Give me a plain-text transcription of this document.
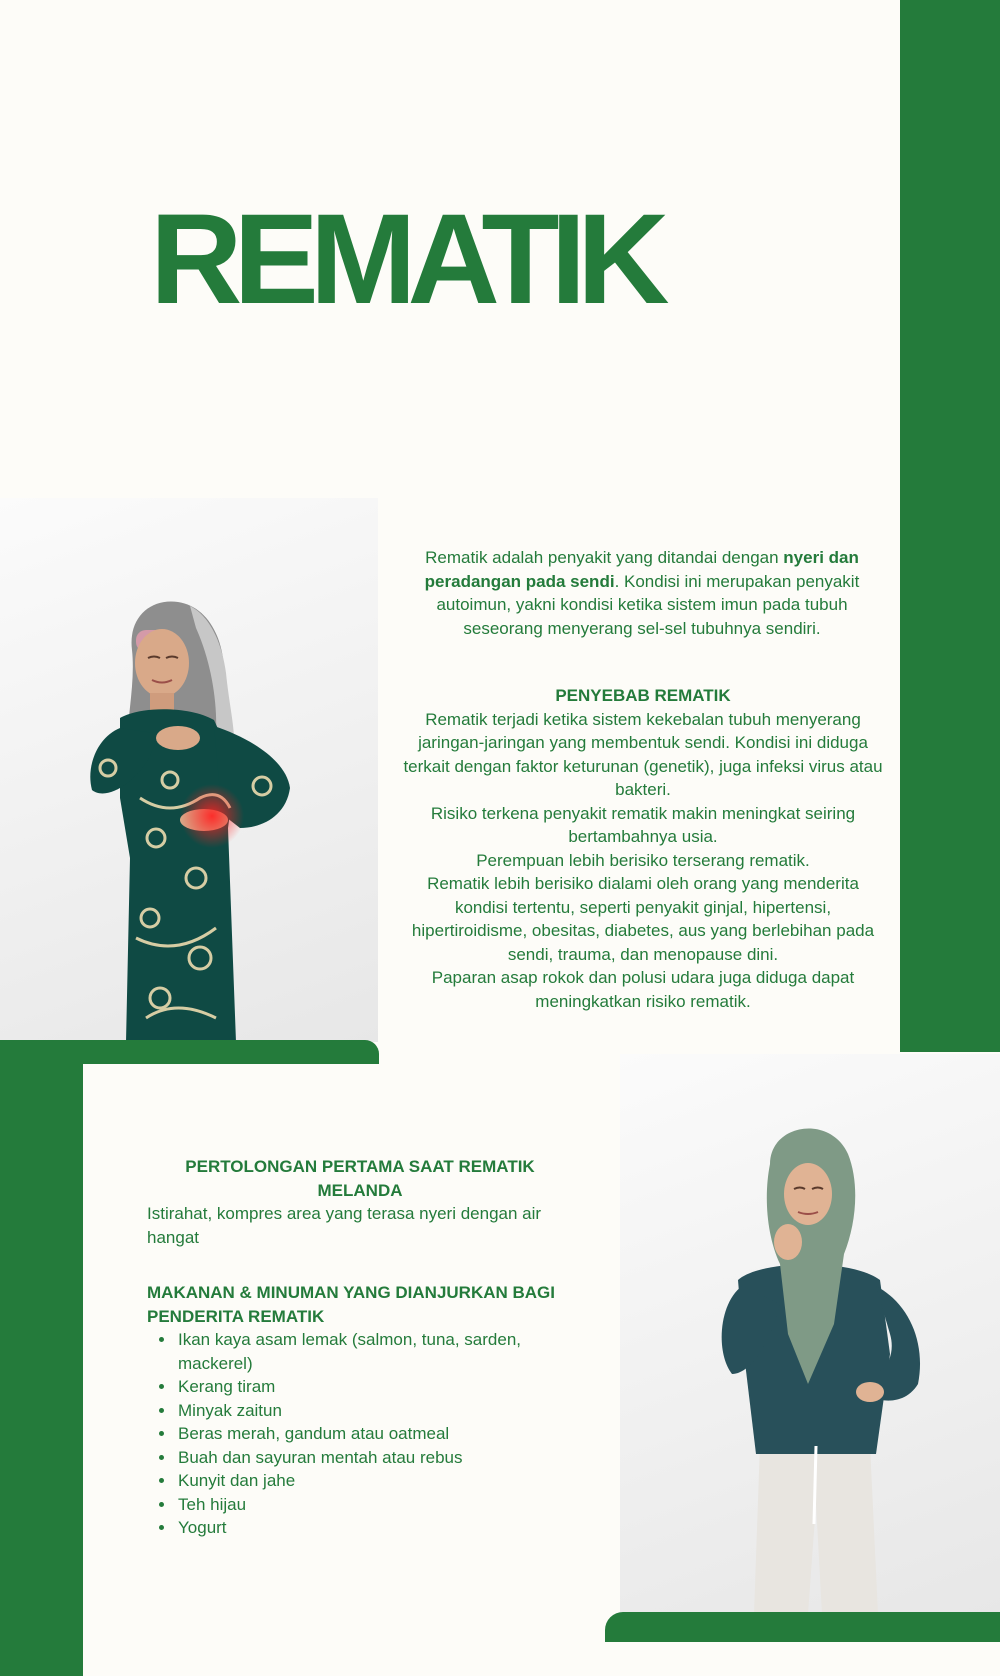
REMATIK

Rematik adalah penyakit yang ditandai dengan nyeri dan peradangan pada sendi. Kondisi ini merupakan penyakit autoimun, yakni kondisi ketika sistem imun pada tubuh seseorang menyerang sel-sel tubuhnya sendiri.

PENYEBAB REMATIK

Rematik terjadi ketika sistem kekebalan tubuh menyerang jaringan-jaringan yang membentuk sendi. Kondisi ini diduga terkait dengan faktor keturunan (genetik), juga infeksi virus atau bakteri.

Risiko terkena penyakit rematik makin meningkat seiring bertambahnya usia.

Perempuan lebih berisiko terserang rematik.

Rematik lebih berisiko dialami oleh orang yang menderita kondisi tertentu, seperti penyakit ginjal, hipertensi, hipertiroidisme, obesitas, diabetes, aus yang berlebihan pada sendi, trauma, dan menopause dini.

Paparan asap rokok dan polusi udara juga diduga dapat meningkatkan risiko rematik.

PERTOLONGAN PERTAMA SAAT REMATIK MELANDA

Istirahat, kompres area yang terasa nyeri dengan air hangat

MAKANAN & MINUMAN YANG DIANJURKAN BAGI PENDERITA REMATIK

• Ikan kaya asam lemak (salmon, tuna, sarden, mackerel)
• Kerang tiram
• Minyak zaitun
• Beras merah, gandum atau oatmeal
• Buah dan sayuran mentah atau rebus
• Kunyit dan jahe
• Teh hijau
• Yogurt
